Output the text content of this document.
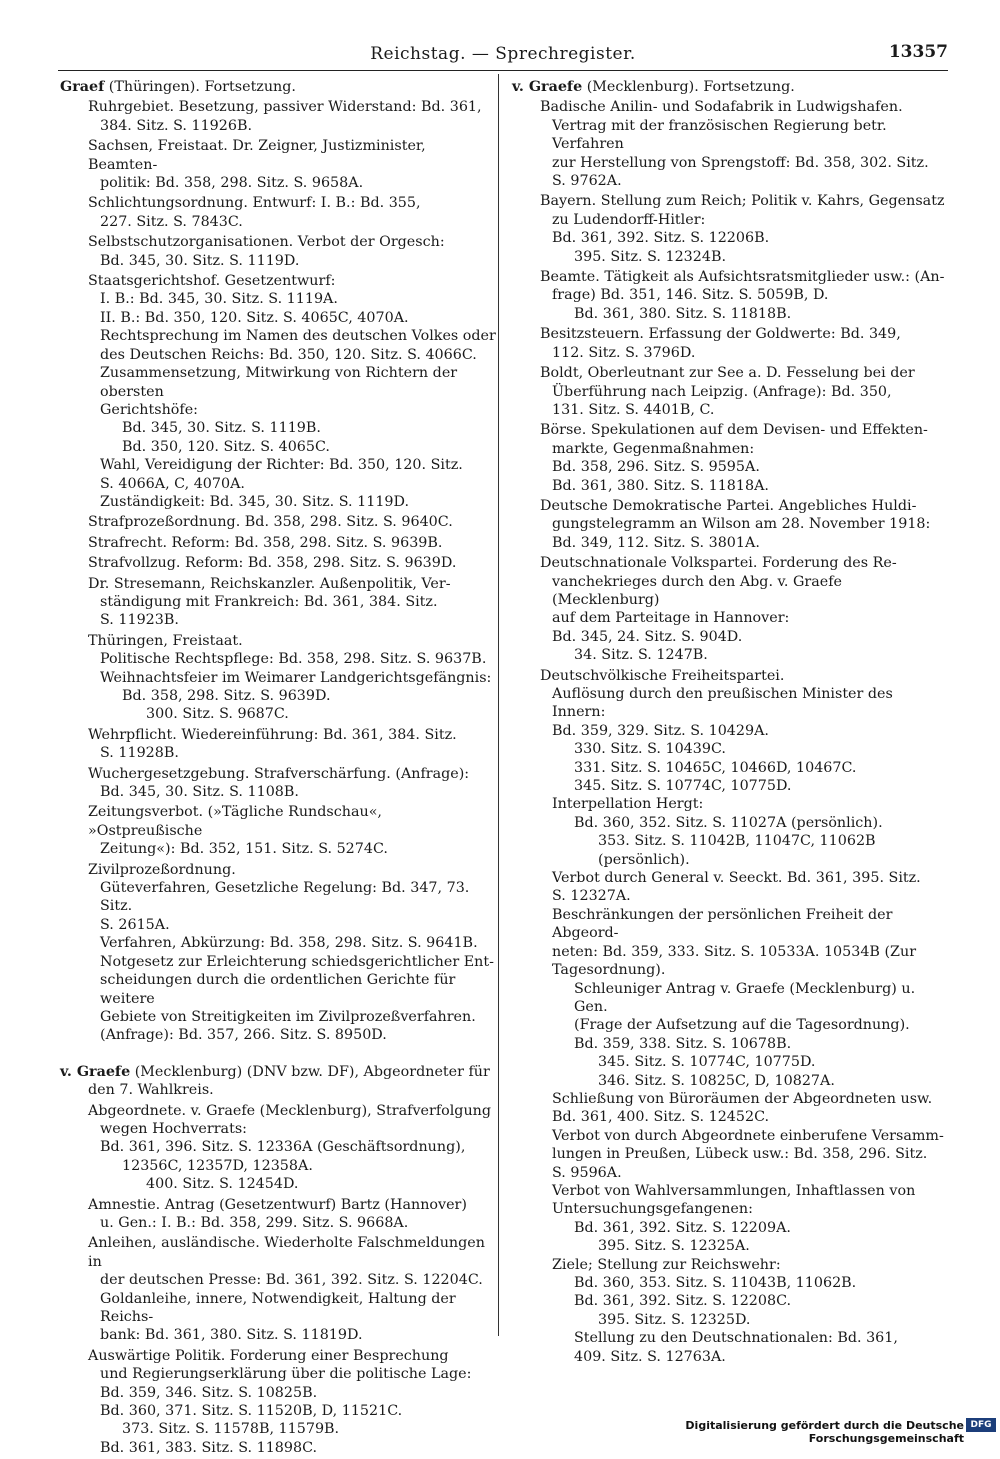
Reichstag. — Sprechregister.	13357
Graef (Thüringen). Fortsetzung.
Ruhrgebiet. Besetzung, passiver Widerstand: Bd. 361,
384. Sitz. S. 11926B.
Sachsen, Freistaat. Dr. Zeigner, Justizminister, Beamten-
politik: Bd. 358, 298. Sitz. S. 9658A.
Schlichtungsordnung. Entwurf: I. B.: Bd. 355,
227. Sitz. S. 7843C.
Selbstschutzorganisationen. Verbot der Orgesch:
Bd. 345, 30. Sitz. S. 1119D.
Staatsgerichtshof. Gesetzentwurf:
I. B.: Bd. 345, 30. Sitz. S. 1119A.
II. B.: Bd. 350, 120. Sitz. S. 4065C, 4070A.
Rechtsprechung im Namen des deutschen Volkes oder
des Deutschen Reichs: Bd. 350, 120. Sitz. S. 4066C.
Zusammensetzung, Mitwirkung von Richtern der obersten
Gerichtshöfe:
Bd. 345, 30. Sitz. S. 1119B.
Bd. 350, 120. Sitz. S. 4065C.
Wahl, Vereidigung der Richter: Bd. 350, 120. Sitz.
S. 4066A, C, 4070A.
Zuständigkeit: Bd. 345, 30. Sitz. S. 1119D.
Strafprozeßordnung. Bd. 358, 298. Sitz. S. 9640C.
Strafrecht. Reform: Bd. 358, 298. Sitz. S. 9639B.
Strafvollzug. Reform: Bd. 358, 298. Sitz. S. 9639D.
Dr. Stresemann, Reichskanzler. Außenpolitik, Ver-
ständigung mit Frankreich: Bd. 361, 384. Sitz.
S. 11923B.
Thüringen, Freistaat.
Politische Rechtspflege: Bd. 358, 298. Sitz. S. 9637B.
Weihnachtsfeier im Weimarer Landgerichtsgefängnis:
Bd. 358, 298. Sitz. S. 9639D.
300. Sitz. S. 9687C.
Wehrpflicht. Wiedereinführung: Bd. 361, 384. Sitz.
S. 11928B.
Wuchergesetzgebung. Strafverschärfung. (Anfrage):
Bd. 345, 30. Sitz. S. 1108B.
Zeitungsverbot. (»Tägliche Rundschau«, »Ostpreußische
Zeitung«): Bd. 352, 151. Sitz. S. 5274C.
Zivilprozeßordnung.
Güteverfahren, Gesetzliche Regelung: Bd. 347, 73. Sitz.
S. 2615A.
Verfahren, Abkürzung: Bd. 358, 298. Sitz. S. 9641B.
Notgesetz zur Erleichterung schiedsgerichtlicher Ent-
scheidungen durch die ordentlichen Gerichte für weitere
Gebiete von Streitigkeiten im Zivilprozeßverfahren.
(Anfrage): Bd. 357, 266. Sitz. S. 8950D.
v. Graefe (Mecklenburg) (DNV bzw. DF), Abgeordneter für
den 7. Wahlkreis.
Abgeordnete. v. Graefe (Mecklenburg), Strafverfolgung
wegen Hochverrats:
Bd. 361, 396. Sitz. S. 12336A (Geschäftsordnung),
12356C, 12357D, 12358A.
400. Sitz. S. 12454D.
Amnestie. Antrag (Gesetzentwurf) Bartz (Hannover)
u. Gen.: I. B.: Bd. 358, 299. Sitz. S. 9668A.
Anleihen, ausländische. Wiederholte Falschmeldungen in
der deutschen Presse: Bd. 361, 392. Sitz. S. 12204C.
Goldanleihe, innere, Notwendigkeit, Haltung der Reichs-
bank: Bd. 361, 380. Sitz. S. 11819D.
Auswärtige Politik. Forderung einer Besprechung
und Regierungserklärung über die politische Lage:
Bd. 359, 346. Sitz. S. 10825B.
Bd. 360, 371. Sitz. S. 11520B, D, 11521C.
373. Sitz. S. 11578B, 11579B.
Bd. 361, 383. Sitz. S. 11898C.
v. Graefe (Mecklenburg). Fortsetzung.
Badische Anilin- und Sodafabrik in Ludwigshafen.
Vertrag mit der französischen Regierung betr. Verfahren
zur Herstellung von Sprengstoff: Bd. 358, 302. Sitz.
S. 9762A.
Bayern. Stellung zum Reich; Politik v. Kahrs, Gegensatz
zu Ludendorff-Hitler:
Bd. 361, 392. Sitz. S. 12206B.
395. Sitz. S. 12324B.
Beamte. Tätigkeit als Aufsichtsratsmitglieder usw.: (An-
frage) Bd. 351, 146. Sitz. S. 5059B, D.
Bd. 361, 380. Sitz. S. 11818B.
Besitzsteuern. Erfassung der Goldwerte: Bd. 349,
112. Sitz. S. 3796D.
Boldt, Oberleutnant zur See a. D. Fesselung bei der
Überführung nach Leipzig. (Anfrage): Bd. 350,
131. Sitz. S. 4401B, C.
Börse. Spekulationen auf dem Devisen- und Effekten-
markte, Gegenmaßnahmen:
Bd. 358, 296. Sitz. S. 9595A.
Bd. 361, 380. Sitz. S. 11818A.
Deutsche Demokratische Partei. Angebliches Huldi-
gungstelegramm an Wilson am 28. November 1918:
Bd. 349, 112. Sitz. S. 3801A.
Deutschnationale Volkspartei. Forderung des Re-
vanchekrieges durch den Abg. v. Graefe (Mecklenburg)
auf dem Parteitage in Hannover:
Bd. 345, 24. Sitz. S. 904D.
34. Sitz. S. 1247B.
Deutschvölkische Freiheitspartei.
Auflösung durch den preußischen Minister des Innern:
Bd. 359, 329. Sitz. S. 10429A.
330. Sitz. S. 10439C.
331. Sitz. S. 10465C, 10466D, 10467C.
345. Sitz. S. 10774C, 10775D.
Interpellation Hergt:
Bd. 360, 352. Sitz. S. 11027A (persönlich).
353. Sitz. S. 11042B, 11047C, 11062B
(persönlich).
Verbot durch General v. Seeckt. Bd. 361, 395. Sitz.
S. 12327A.
Beschränkungen der persönlichen Freiheit der Abgeord-
neten: Bd. 359, 333. Sitz. S. 10533A. 10534B (Zur
Tagesordnung).
Schleuniger Antrag v. Graefe (Mecklenburg) u. Gen.
(Frage der Aufsetzung auf die Tagesordnung).
Bd. 359, 338. Sitz. S. 10678B.
345. Sitz. S. 10774C, 10775D.
346. Sitz. S. 10825C, D, 10827A.
Schließung von Büroräumen der Abgeordneten usw.
Bd. 361, 400. Sitz. S. 12452C.
Verbot von durch Abgeordnete einberufene Versamm-
lungen in Preußen, Lübeck usw.: Bd. 358, 296. Sitz.
S. 9596A.
Verbot von Wahlversammlungen, Inhaftlassen von
Untersuchungsgefangenen:
Bd. 361, 392. Sitz. S. 12209A.
395. Sitz. S. 12325A.
Ziele; Stellung zur Reichswehr:
Bd. 360, 353. Sitz. S. 11043B, 11062B.
Bd. 361, 392. Sitz. S. 12208C.
395. Sitz. S. 12325D.
Stellung zu den Deutschnationalen: Bd. 361,
409. Sitz. S. 12763A.
Digitalisierung gefördert durch die Deutsche Forschungsgemeinschaft
DFG
